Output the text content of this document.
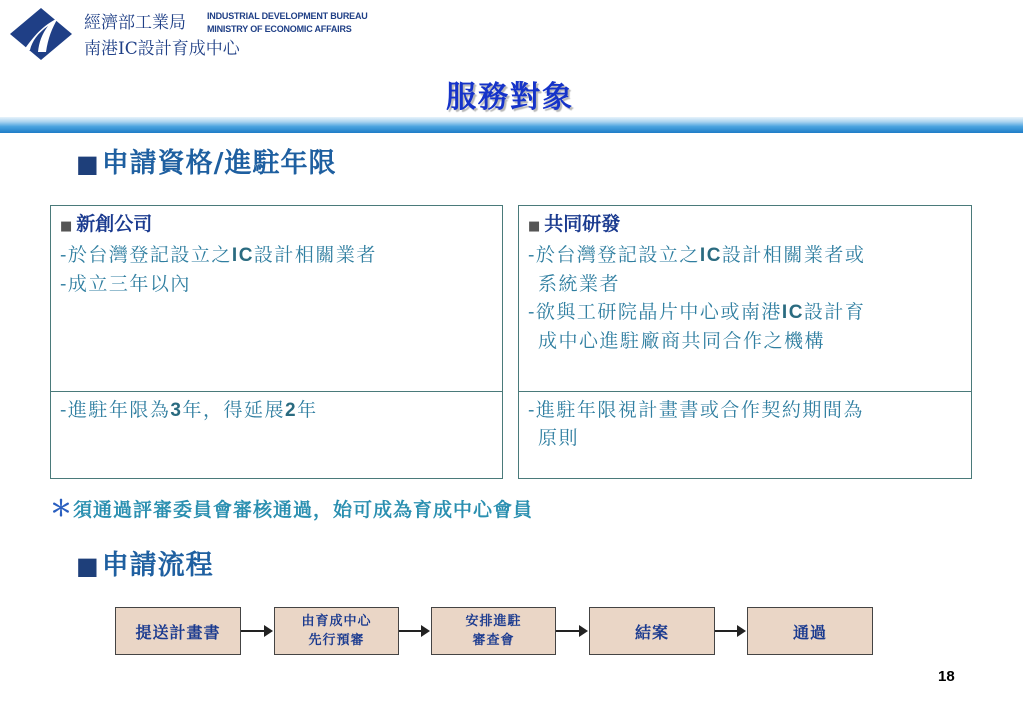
經濟部工業局
南港IC設計育成中心
INDUSTRIAL DEVELOPMENT BUREAU
MINISTRY OF ECONOMIC AFFAIRS
服務對象
■申請資格/進駐年限
■ 新創公司
-於台灣登記設立之IC設計相關業者
-成立三年以內
■ 共同研發
-於台灣登記設立之IC設計相關業者或
系統業者
-欲與工研院晶片中心或南港IC設計育
成中心進駐廠商共同合作之機構
-進駐年限為3年，得延展2年	-進駐年限視計畫書或合作契約期間為
原則
＊須通過評審委員會審核通過，始可成為育成中心會員
■申請流程
提送計畫書
由育成中心
先行預審
安排進駐
審查會	結案	通過
18
